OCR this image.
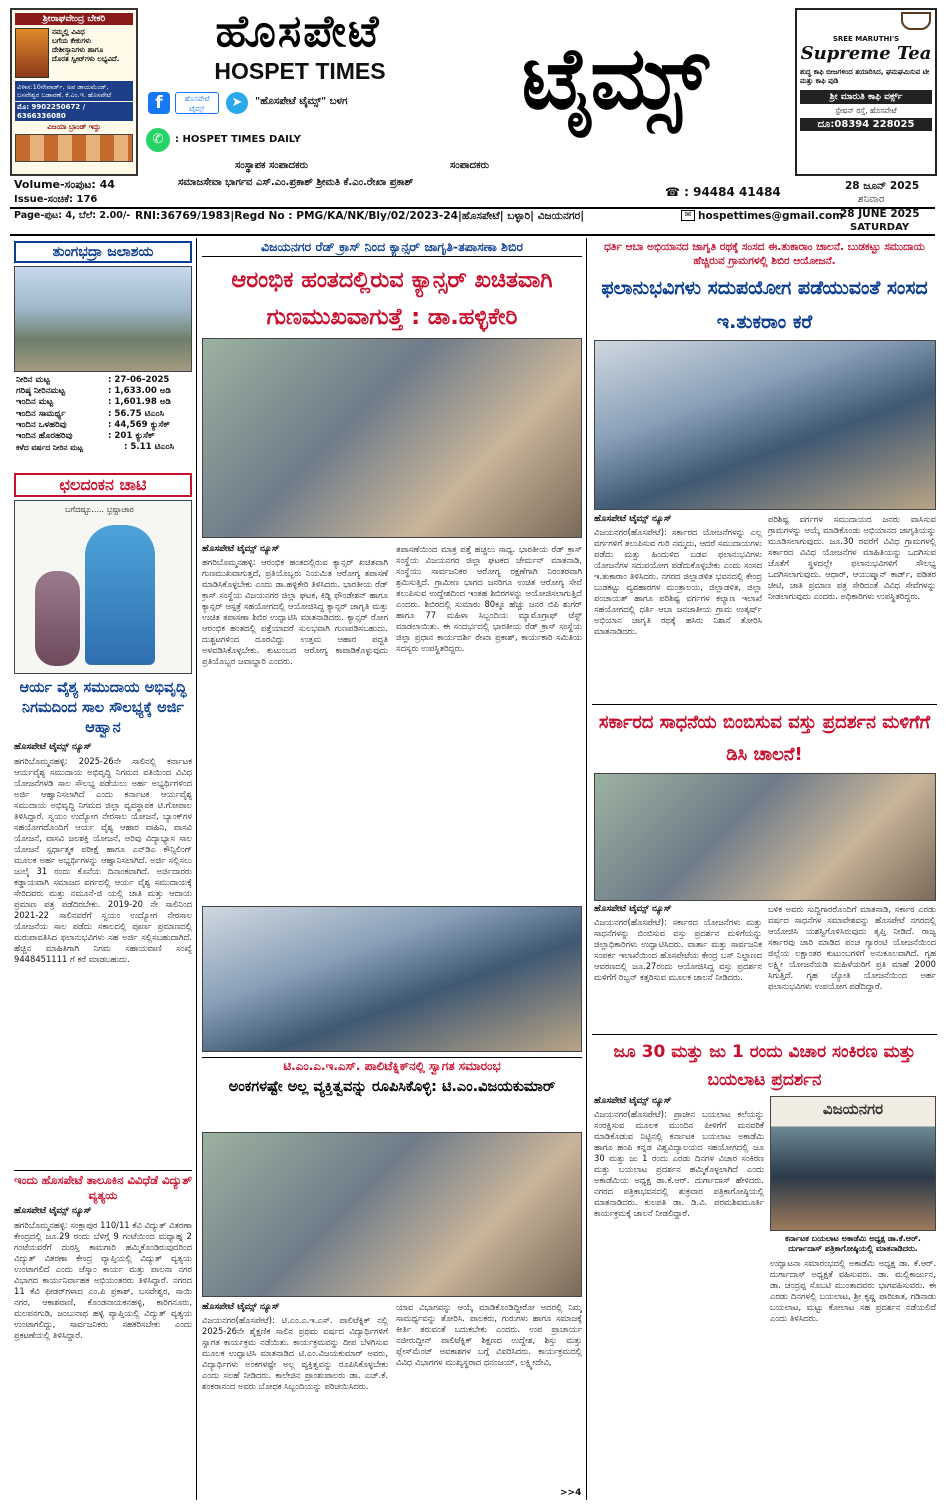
ಶ್ರೀರಾಘವೇಂದ್ರ ಬೇಕರಿ
ನಮ್ಮಲ್ಲಿ ವಿವಿಧ
ಬಗೆಯ ಕೇಕುಗಳು
ದೇಶೀಸ್ತಾನಿಗಳು ಹಾಗೂ
ದೊರತ ಸ್ವೀಟ್‌ಗಳು ಲಭ್ಯವಿದೆ.
ವಿಳಾಸ:10ನೇವಾರ್ಡ್, ಅಪ ಡಾಯಮೆಂಡ್, ಬಸವೇಶ್ವರ ಬಡಾವಣೆ, ಕೆ.ಎಂ.ಇ. ಹೊಸಪೇಟೆ
ಮೊ: 9902250672 / 6366336080
ವಿಜಯಾ ಬ್ರಾಂಡ್ ಇದ್ದು
ಹೊಸಪೇಟೆ
HOSPET TIMES	ಟೈಮ್ಸ್
f	ಹೊಸಪೇಟೆ ಟೈಮ್ಸ್	➤	"ಹೊಸಪೇಟೆ ಟೈಮ್ಸ್" ಬಳಗ
✆	: HOSPET TIMES DAILY
ಸಂಸ್ಥಾಪಕ ಸಂಪಾದಕರು	ಸಂಪಾದಕರು
ಸಮಾಜಸೇವಾ ಭಾರ್ಗವ ಎಸ್.ಎಂ.ಪ್ರಕಾಶ್ ಶ್ರೀಮತಿ ಕೆ.ಎಂ.ರೇಖಾ ಪ್ರಕಾಶ್
Volume-ಸಂಪುಟ: 44
Issue-ಸಂಚಿಕೆ: 176
Page-ಪುಟ: 4, ಬೆಲೆ: 2.00/-
☎ : 94484 41484
RNI:36769/1983|Regd No : PMG/KA/NK/Bly/02/2023-24|ಹೊಸಪೇಟೆ| ಬಳ್ಳಾರಿ| ವಿಜಯನಗರ|	✉ hospettimes@gmail.com
28 ಜೂನ್ 2025
ಶನಿವಾರ
28 JUNE 2025
SATURDAY
SREE MARUTHI'S
Supreme Tea
ಶುದ್ಧ ಕಾಫಿ ಬೀಜಗಳಿಂದ ತಯಾರಿಸಿದ, ಘಮಘಮಿಸುವ ಟೀ ಮತ್ತು ಕಾಫಿ ಪುಡಿ
ಶ್ರೀ ಮಾರುತಿ ಕಾಫಿ ವರ್ಕ್ಸ್
ಸ್ಟೇಷನ್ ರಸ್ತೆ, ಹೊಸಪೇಟೆ
ದೂ:08394 228025
ತುಂಗಭದ್ರಾ ಜಲಾಶಯ
ನೀರಿನ ಮಟ್ಟ	: 27-06-2025
ಗರಿಷ್ಠ ನೀರಿನಮಟ್ಟ	: 1,633.00 ಅಡಿ
ಇಂದಿನ ಮಟ್ಟ	: 1,601.98 ಅಡಿ
ಇಂದಿನ ಸಾಮರ್ಥ್ಯ	: 56.75 ಟಿಎಂಸಿ
ಇಂದಿನ ಒಳಹರಿವು	: 44,569 ಕ್ಯುಸೆಕ್
ಇಂದಿನ ಹೊರಹರಿವು	: 201 ಕ್ಯುಸೆಕ್
ಕಳೆದ ವರ್ಷದ ನೀರಿನ ಮಟ್ಟ	: 5.11 ಟಿಎಂಸಿ
ಛಲದಂಕನ ಚಾಟಿ
ಬಗೆದಷ್ಟೂ..... ಭ್ರಷ್ಟಾಚಾರ
ಆರ್ಯ ವೈಶ್ಯ ಸಮುದಾಯ ಅಭಿವೃದ್ಧಿ ನಿಗಮದಿಂದ ಸಾಲ ಸೌಲಭ್ಯಕ್ಕೆ ಅರ್ಜಿ ಆಹ್ವಾನ
ಹೊಸಪೇಟೆ ಟೈಮ್ಸ್ ನ್ಯೂಸ್
ಹಗರಿಬೊಮ್ಮನಹಳ್ಳಿ: 2025-26ನೇ ಸಾಲಿನಲ್ಲಿ ಕರ್ನಾಟಕ ಆರ್ಯವೈಶ್ಯ ಸಮುದಾಯ ಅಭಿವೃದ್ಧಿ ನಿಗಮದ ವತಿಯಿಂದ ವಿವಿಧ ಯೋಜನೆಗಳಡಿ ಸಾಲ ಸೌಲಭ್ಯ ಪಡೆಯಲು ಅರ್ಹ ಅಭ್ಯರ್ಥಿಗಳಿಂದ ಅರ್ಜಿ ಆಹ್ವಾನಿಸಲಾಗಿದೆ ಎಂದು ಕರ್ನಾಟಕ ಆರ್ಯವೈಶ್ಯ ಸಮುದಾಯ ಅಭಿವೃದ್ಧಿ ನಿಗಮದ ಜಿಲ್ಲಾ ವ್ಯವಸ್ಥಾಪಕ ಟಿ.ಗೋಪಾಲ ತಿಳಿಸಿದ್ದಾರೆ. ಸ್ವಯಂ ಉದ್ಯೋಗ ನೇರಸಾಲ ಯೋಜನೆ, ಬ್ಯಾಂಕ್‌ಗಳ ಸಹಯೋಗದೊಂದಿಗೆ ಆರ್ಯ ವೈಶ್ಯ ಆಹಾರ ವಾಹಿನಿ, ವಾಸವಿ ಯೋಜನೆ, ವಾಸವಿ ಜಲಶಕ್ತಿ ಯೋಜನೆ, ಅರಿವು ವಿದ್ಯಾಭ್ಯಾಸ ಸಾಲ ಯೋಜನೆ ಸ್ಪರ್ಧಾತ್ಮಕ ಪರೀಕ್ಷೆ ಹಾಗೂ ಎನ್‌ಡಿಎ ಕೌನ್ಸಿಲಿಂಗ್ ಮೂಲಕ ಅರ್ಹ ಅಭ್ಯರ್ಥಿಗಳನ್ನು ಆಹ್ವಾನಿಸಲಾಗಿದೆ. ಅರ್ಜಿ ಸಲ್ಲಿಸಲು ಜುಲೈ 31 ರಂದು ಕೊನೆಯ ದಿನಾಂಕವಾಗಿದೆ. ಅರ್ಜಿದಾರರು ಕಡ್ಡಾಯವಾಗಿ ಸಮಾಜದ ವರ್ಗದಲ್ಲಿ ಆರ್ಯ ವೈಶ್ಯ ಸಮುದಾಯಕ್ಕೆ ಸೇರಿದವರು ಮತ್ತು ನಮೂನೆ-ಜಿ ಯಲ್ಲಿ ಜಾತಿ ಮತ್ತು ಆದಾಯ ಪ್ರಮಾಣ ಪತ್ರ ಪಡೆದಿರಬೇಕು. 2019-20 ನೇ ಸಾಲಿನಿಂದ 2021-22 ಸಾಲಿನವರೆಗೆ ಸ್ವಯಂ ಉದ್ಯೋಗ ನೇರಸಾಲ ಯೋಜನೆಯ ಸಾಲ ಪಡೆದು ಸಕಾಲದಲ್ಲಿ ಪೂರ್ಣ ಪ್ರಮಾಣದಲ್ಲಿ ಮರುಪಾವತಿಸಿದ ಫಲಾನುಭವಿಗಳು ಸಹ ಅರ್ಜಿ ಸಲ್ಲಿಸಬಹುದಾಗಿದೆ. ಹೆಚ್ಚಿನ ಮಾಹಿತಿಗಾಗಿ ನಿಗಮ ಸಹಾಯವಾಣಿ ಸಂಖ್ಯೆ 9448451111 ಗೆ ಕರೆ ಮಾಡಬಹುದು.
ಇಂದು ಹೊಸಪೇಟೆ ತಾಲೂಕಿನ ವಿವಿಧೆಡೆ ವಿದ್ಯುತ್ ವ್ಯತ್ಯಯ
ಹೊಸಪೇಟೆ ಟೈಮ್ಸ್ ನ್ಯೂಸ್
ಹಗರಿಬೊಮ್ಮನಹಳ್ಳಿ: ಸಂಕ್ಲಾಪುರ 110/11 ಕೆವಿ ವಿದ್ಯುತ್ ವಿತರಣಾ ಕೇಂದ್ರದಲ್ಲಿ ಜೂ.29 ರಂದು ಬೆಳಿಗ್ಗೆ 9 ಗಂಟೆಯಿಂದ ಮಧ್ಯಾಹ್ನ 2 ಗಂಟೆಯವರೆಗೆ ದುರಸ್ತಿ ಕಾಮಗಾರಿ ಹಮ್ಮಿಕೊಂಡಿರುವುದರಿಂದ ವಿದ್ಯುತ್ ವಿತರಣಾ ಕೇಂದ್ರ ವ್ಯಾಪ್ತಿಯಲ್ಲಿ ವಿದ್ಯುತ್ ವ್ಯತ್ಯಯ ಉಂಟಾಗಲಿದೆ ಎಂದು ಜೆಸ್ಕಾಂ ಕಾರ್ಯ ಮತ್ತು ಪಾಲನಾ ನಗರ ವಿಭಾಗದ ಕಾರ್ಯನಿರ್ವಾಹಕ ಅಭಿಯಂತರರು ತಿಳಿಸಿದ್ದಾರೆ. ನಗರದ 11 ಕೆವಿ ಫೀಡರ್‌ಗಳಾದ ಎಂ.ಪಿ ಪ್ರಕಾಶ್, ಬಸವೇಶ್ವರ, ಸಾಯಿ ನಗರ, ಆಕಾಶವಾಣಿ, ಕೊಂಡನಾಯಕನಹಳ್ಳಿ, ಕಾರಿಗನೂರು, ಮಲಪನಗುಡಿ, ಜಂಬುನಾಥ ಹಳ್ಳಿ ವ್ಯಾಪ್ತಿಯಲ್ಲಿ ವಿದ್ಯುತ್ ವ್ಯತ್ಯಯ ಉಂಟಾಗಲಿದ್ದು, ಸಾರ್ವಜನಿಕರು ಸಹಕರಿಸಬೇಕು ಎಂದು ಪ್ರಕಟಣೆಯಲ್ಲಿ ತಿಳಿಸಿದ್ದಾರೆ.
ವಿಜಯನಗರ ರೆಡ್ ಕ್ರಾಸ್ ನಿಂದ ಕ್ಯಾನ್ಸರ್ ಜಾಗೃತಿ-ತಪಾಸಣಾ ಶಿಬಿರ
ಆರಂಭಿಕ ಹಂತದಲ್ಲಿರುವ ಕ್ಯಾನ್ಸರ್ ಖಚಿತವಾಗಿ ಗುಣಮುಖವಾಗುತ್ತೆ : ಡಾ.ಹಳ್ಳಿಕೇರಿ
ಹೊಸಪೇಟೆ ಟೈಮ್ಸ್ ನ್ಯೂಸ್
ಹಗರಿಬೊಮ್ಮನಹಳ್ಳಿ: ಆರಂಭಿಕ ಹಂತದಲ್ಲಿರುವ ಕ್ಯಾನ್ಸರ್ ಖಚಿತವಾಗಿ ಗುಣಮುಖವಾಗುತ್ತದೆ, ಪ್ರತಿಯೊಬ್ಬರು ನಿಯಮಿತ ಆರೋಗ್ಯ ತಪಾಸಣೆ ಮಾಡಿಸಿಕೊಳ್ಳಬೇಕು ಎಂದು ಡಾ.ಹಳ್ಳಿಕೇರಿ ತಿಳಿಸಿದರು. ಭಾರತೀಯ ರೆಡ್ ಕ್ರಾಸ್ ಸಂಸ್ಥೆಯ ವಿಜಯನಗರ ಜಿಲ್ಲಾ ಘಟಕ, ಕಿಡ್ನಿ ಫೌಂಡೇಶನ್ ಹಾಗೂ ಕ್ಯಾನ್ಸರ್ ಆಸ್ಪತ್ರೆ ಸಹಯೋಗದಲ್ಲಿ ಆಯೋಜಿಸಿದ್ದ ಕ್ಯಾನ್ಸರ್ ಜಾಗೃತಿ ಮತ್ತು ಉಚಿತ ತಪಾಸಣಾ ಶಿಬಿರ ಉದ್ಘಾಟಿಸಿ ಮಾತನಾಡಿದರು. ಕ್ಯಾನ್ಸರ್ ರೋಗ ಆರಂಭಿಕ ಹಂತದಲ್ಲಿ ಪತ್ತೆಯಾದರೆ ಸುಲಭವಾಗಿ ಗುಣಪಡಿಸಬಹುದು. ದುಶ್ಚಟಗಳಿಂದ ದೂರವಿದ್ದು ಉತ್ತಮ ಆಹಾರ ಪದ್ಧತಿ ಅಳವಡಿಸಿಕೊಳ್ಳಬೇಕು. ಕುಟುಂಬದ ಆರೋಗ್ಯ ಕಾಪಾಡಿಕೊಳ್ಳುವುದು ಪ್ರತಿಯೊಬ್ಬರ ಜವಾಬ್ದಾರಿ ಎಂದರು.
ತಪಾಸಣೆಯಿಂದ ಮಾತ್ರ ಪತ್ತೆ ಹಚ್ಚಲು ಸಾಧ್ಯ. ಭಾರತೀಯ ರೆಡ್ ಕ್ರಾಸ್ ಸಂಸ್ಥೆಯ ವಿಜಯನಗರ ಜಿಲ್ಲಾ ಘಟಕದ ಚೇರ್ಮನ್ ಮಾತನಾಡಿ, ಸಂಸ್ಥೆಯು ಸಾರ್ವಜನಿಕರ ಆರೋಗ್ಯ ರಕ್ಷಣೆಗಾಗಿ ನಿರಂತರವಾಗಿ ಶ್ರಮಿಸುತ್ತಿದೆ. ಗ್ರಾಮೀಣ ಭಾಗದ ಜನರಿಗೂ ಉಚಿತ ಆರೋಗ್ಯ ಸೇವೆ ತಲುಪಿಸುವ ಉದ್ದೇಶದಿಂದ ಇಂತಹ ಶಿಬಿರಗಳನ್ನು ಆಯೋಜಿಸಲಾಗುತ್ತಿದೆ ಎಂದರು. ಶಿಬಿರದಲ್ಲಿ ಸುಮಾರು 80ಕ್ಕೂ ಹೆಚ್ಚು ಜನರ ಬಿಪಿ ಶುಗರ್ ಹಾಗೂ 77 ಮಹಿಳಾ ಸಿಬ್ಬಂದಿಯ ಮ್ಯಾಮೊಗ್ರಾಫ್ ಟೆಸ್ಟ್ ಮಾಡಲಾಯಿತು. ಈ ಸಂದರ್ಭದಲ್ಲಿ ಭಾರತೀಯ ರೆಡ್ ಕ್ರಾಸ್ ಸಂಸ್ಥೆಯ ಜಿಲ್ಲಾ ಪ್ರಧಾನ ಕಾರ್ಯದರ್ಶಿ ರೇಖಾ ಪ್ರಕಾಶ್, ಕಾರ್ಯಕಾರಿ ಸಮಿತಿಯ ಸದಸ್ಯರು ಉಪಸ್ಥಿತರಿದ್ದರು.
ಟಿ.ಎಂ.ಎ.ಇ.ಎಸ್. ಪಾಲಿಟೆಕ್ನಿಕ್‌ನಲ್ಲಿ ಸ್ವಾಗತ ಸಮಾರಂಭ
ಅಂಕಗಳಷ್ಟೇ ಅಲ್ಲ ವ್ಯಕ್ತಿತ್ವವನ್ನು ರೂಪಿಸಿಕೊಳ್ಳಿ: ಟಿ.ಎಂ.ವಿಜಯಕುಮಾರ್
ಹೊಸಪೇಟೆ ಟೈಮ್ಸ್ ನ್ಯೂಸ್
ವಿಜಯನಗರ(ಹೊಸಪೇಟೆ): ಟಿ.ಎಂ.ಎ.ಇ.ಎಸ್. ಪಾಲಿಟೆಕ್ನಿಕ್ ನಲ್ಲಿ 2025-26ನೇ ಶೈಕ್ಷಣಿಕ ಸಾಲಿನ ಪ್ರಥಮ ವರ್ಷದ ವಿದ್ಯಾರ್ಥಿಗಳಿಗೆ ಸ್ವಾಗತ ಕಾರ್ಯಕ್ರಮ ನಡೆಯಿತು. ಕಾರ್ಯಕ್ರಮವನ್ನು ದೀಪ ಬೆಳಗಿಸುವ ಮೂಲಕ ಉದ್ಘಾಟಿಸಿ ಮಾತನಾಡಿದ ಟಿ.ಎಂ.ವಿಜಯಕುಮಾರ್ ಅವರು, ವಿದ್ಯಾರ್ಥಿಗಳು ಅಂಕಗಳಷ್ಟೇ ಅಲ್ಲ ವ್ಯಕ್ತಿತ್ವವನ್ನು ರೂಪಿಸಿಕೊಳ್ಳಬೇಕು ಎಂದು ಸಲಹೆ ನೀಡಿದರು. ಕಾಲೇಜಿನ ಪ್ರಾಂಶುಪಾಲರು ಡಾ. ಎಚ್.ಕೆ. ಶಂಕರಾನಂದ ಅವರು ಬೋಧಕ ಸಿಬ್ಬಂದಿಯನ್ನು ಪರಿಚಯಿಸಿದರು.
ಯಾವ ವಿಭಾಗವನ್ನು ಆಯ್ಕೆ ಮಾಡಿಕೊಂಡಿದ್ದೀರೋ ಅದರಲ್ಲಿ ನಿಮ್ಮ ಸಾಮರ್ಥ್ಯವನ್ನು ತೋರಿಸಿ. ಪಾಲಕರು, ಗುರುಗಳು ಹಾಗೂ ಸಮಾಜಕ್ಕೆ ಕೀರ್ತಿ ತರುವಂತೆ ಬದುಕಬೇಕು ಎಂದರು. ಉಪ ಪ್ರಾಚಾರ್ಯ ನಜೀರುದ್ದೀನ್ ಪಾಲಿಟೆಕ್ನಿಕ್ ಶಿಕ್ಷಣದ ಉದ್ದೇಶ, ಶಿಸ್ತು ಮತ್ತು ಪ್ಲೇಸ್‌ಮೆಂಟ್ ಅವಕಾಶಗಳ ಬಗ್ಗೆ ವಿವರಿಸಿದರು. ಕಾರ್ಯಕ್ರಮದಲ್ಲಿ ವಿವಿಧ ವಿಭಾಗಗಳ ಮುಖ್ಯಸ್ಥರಾದ ಧನಂಜಯ್, ಲಕ್ಷ್ಮೀದೇವಿ,
>>4
ಧರ್ತಿ ಆಬಾ ಅಭಿಯಾನದ ಜಾಗೃತಿ ರಥಕ್ಕೆ ಸಂಸದ ಈ.ತುಕಾರಾಂ ಚಾಲನೆ. ಬುಡಕಟ್ಟು ಸಮುದಾಯ ಹೆಚ್ಚಿರುವ ಗ್ರಾಮಗಳಲ್ಲಿ ಶಿಬಿರ ಆಯೋಜನೆ.
ಫಲಾನುಭವಿಗಳು ಸದುಪಯೋಗ ಪಡೆಯುವಂತೆ ಸಂಸದ ಇ.ತುಕರಾಂ ಕರೆ
ಹೊಸಪೇಟೆ ಟೈಮ್ಸ್ ನ್ಯೂಸ್
ವಿಜಯನಗರ(ಹೊಸಪೇಟೆ): ಸರ್ಕಾರದ ಯೋಜನೆಗಳನ್ನು ಎಲ್ಲ ವರ್ಗಗಳಿಗೆ ತಲುಪಿಸುವ ಗುರಿ ನಮ್ಮದು, ಆದರೆ ಸಮುದಾಯಗಳು ಪಡೆದು ಮತ್ತು ಹಿಂದುಳಿದ ಬಡವ ಫಲಾನುಭವಿಗಳು ಯೋಜನೆಗಳ ಸದುಪಯೋಗ ಪಡೆದುಕೊಳ್ಳಬೇಕು ಎಂದು ಸಂಸದ ಇ.ತುಕಾರಾಂ ತಿಳಿಸಿದರು. ನಗರದ ಜಿಲ್ಲಾಡಳಿತ ಭವನದಲ್ಲಿ ಕೇಂದ್ರ ಬುಡಕಟ್ಟು ವ್ಯವಹಾರಗಳ ಮಂತ್ರಾಲಯ, ಜಿಲ್ಲಾಡಳಿತ, ಜಿಲ್ಲಾ ಪಂಚಾಯತ್ ಹಾಗೂ ಪರಿಶಿಷ್ಟ ವರ್ಗಗಳ ಕಲ್ಯಾಣ ಇಲಾಖೆ ಸಹಯೋಗದಲ್ಲಿ ಧರ್ತಿ ಆಬಾ ಜನಜಾತೀಯ ಗ್ರಾಮ ಉತ್ಕರ್ಷ್ ಅಭಿಯಾನ ಜಾಗೃತಿ ರಥಕ್ಕೆ ಹಸಿರು ನಿಶಾನೆ ತೋರಿಸಿ ಮಾತನಾಡಿದರು.
ಪರಿಶಿಷ್ಟ ವರ್ಗಗಳ ಸಮುದಾಯದ ಜನರು ವಾಸಿಸುವ ಗ್ರಾಮಗಳನ್ನು ಆಯ್ಕೆ ಮಾಡಿಕೊಂಡು ಅಭಿಯಾನದ ಜಾಗೃತಿಯನ್ನು ಮೂಡಿಸಲಾಗುವುದು. ಜೂ.30 ರವರೆಗೆ ವಿವಿಧ ಗ್ರಾಮಗಳಲ್ಲಿ ಸರ್ಕಾರದ ವಿವಿಧ ಯೋಜನೆಗಳ ಮಾಹಿತಿಯನ್ನು ಒದಗಿಸುವ ಜೊತೆಗೆ ಸ್ಥಳದಲ್ಲೇ ಫಲಾನುಭವಿಗಳಿಗೆ ಸೌಲಭ್ಯ ಒದಗಿಸಲಾಗುವುದು. ಆಧಾರ್, ಆಯುಷ್ಮಾನ್ ಕಾರ್ಡ್, ಪಡಿತರ ಚೀಟಿ, ಜಾತಿ ಪ್ರಮಾಣ ಪತ್ರ ಸೇರಿದಂತೆ ವಿವಿಧ ಸೇವೆಗಳನ್ನು ನೀಡಲಾಗುವುದು ಎಂದರು. ಅಧಿಕಾರಿಗಳು ಉಪಸ್ಥಿತರಿದ್ದರು.
ಸರ್ಕಾರದ ಸಾಧನೆಯ ಬಿಂಬಿಸುವ ವಸ್ತು ಪ್ರದರ್ಶನ ಮಳಿಗೆಗೆ ಡಿಸಿ ಚಾಲನೆ!
ಹೊಸಪೇಟೆ ಟೈಮ್ಸ್ ನ್ಯೂಸ್
ವಿಜಯನಗರ(ಹೊಸಪೇಟೆ): ಸರ್ಕಾರದ ಯೋಜನೆಗಳು ಮತ್ತು ಸಾಧನೆಗಳನ್ನು ಬಿಂಬಿಸುವ ವಸ್ತು ಪ್ರದರ್ಶನ ಮಳಿಗೆಯನ್ನು ಜಿಲ್ಲಾಧಿಕಾರಿಗಳು ಉದ್ಘಾಟಿಸಿದರು. ವಾರ್ತಾ ಮತ್ತು ಸಾರ್ವಜನಿಕ ಸಂಪರ್ಕ ಇಲಾಖೆಯಿಂದ ಹೊಸಪೇಟೆಯ ಕೇಂದ್ರ ಬಸ್ ನಿಲ್ದಾಣದ ಆವರಣದಲ್ಲಿ ಜೂ.27ರಂದು ಆಯೋಜಿಸಿದ್ದ ವಸ್ತು ಪ್ರದರ್ಶನ ಮಳಿಗೆಗೆ ರಿಬ್ಬನ್ ಕತ್ತರಿಸುವ ಮೂಲಕ ಚಾಲನೆ ನೀಡಿದರು.
ಬಳಿಕ ಅವರು ಸುದ್ದಿಗಾರರೊಂದಿಗೆ ಮಾತನಾಡಿ, ಸರ್ಕಾರ ಎರಡು ವರ್ಷದ ಸಾಧನೆಗಳ ಸಮಾವೇಶವನ್ನು ಹೊಸಪೇಟೆ ನಗರದಲ್ಲಿ ಆಯೋಜಿಸಿ ಯಶಸ್ವಿಗೊಳಿಸಿರುವುದು ತೃಪ್ತಿ ನೀಡಿದೆ. ರಾಜ್ಯ ಸರ್ಕಾರವು ಜಾರಿ ಮಾಡಿದ ಪಂಚ ಗ್ಯಾರಂಟಿ ಯೋಜನೆಯಿಂದ ಜಿಲ್ಲೆಯ ಲಕ್ಷಾಂತರ ಕುಟುಂಬಗಳಿಗೆ ಅನುಕೂಲವಾಗಿದೆ. ಗೃಹ ಲಕ್ಷ್ಮೀ ಯೋಜನೆಯಡಿ ಮಹಿಳೆಯರಿಗೆ ಪ್ರತಿ ಮಾಹೆ 2000 ಸಿಗುತ್ತಿದೆ. ಗೃಹ ಜ್ಯೋತಿ ಯೋಜನೆಯಿಂದ ಅರ್ಹ ಫಲಾನುಭವಿಗಳು ಉಪಯೋಗ ಪಡೆದಿದ್ದಾರೆ.
ಜೂ 30 ಮತ್ತು ಜು 1 ರಂದು ವಿಚಾರ ಸಂಕಿರಣ ಮತ್ತು ಬಯಲಾಟ ಪ್ರದರ್ಶನ
ಹೊಸಪೇಟೆ ಟೈಮ್ಸ್ ನ್ಯೂಸ್
ವಿಜಯನಗರ(ಹೊಸಪೇಟೆ): ಪ್ರಾಚೀನ ಬಯಲಾಟ ಕಲೆಯನ್ನು ಸಂರಕ್ಷಿಸುವ ಮೂಲಕ ಮುಂದಿನ ಪೀಳಿಗೆಗೆ ಮನವರಿಕೆ ಮಾಡಿಕೊಡುವ ನಿಟ್ಟಿನಲ್ಲಿ ಕರ್ನಾಟಕ ಬಯಲಾಟ ಅಕಾಡೆಮಿ ಹಾಗೂ ಹಂಪಿ ಕನ್ನಡ ವಿಶ್ವವಿದ್ಯಾಲಯದ ಸಹಯೋಗದಲ್ಲಿ ಜೂ 30 ಮತ್ತು ಜು 1 ರಂದು ಎರಡು ದಿನಗಳ ವಿಚಾರ ಸಂಕಿರಣ ಮತ್ತು ಬಯಲಾಟ ಪ್ರದರ್ಶನ ಹಮ್ಮಿಕೊಳ್ಳಲಾಗಿದೆ ಎಂದು ಅಕಾಡೆಮಿಯ ಅಧ್ಯಕ್ಷ ಡಾ.ಕೆ.ಆರ್. ದುರ್ಗಾದಾಸ್ ಹೇಳಿದರು. ನಗರದ ಪತ್ರಿಕಾಭವನದಲ್ಲಿ ಶುಕ್ರವಾರ ಪತ್ರಿಕಾಗೋಷ್ಠಿಯಲ್ಲಿ ಮಾತನಾಡಿದರು. ಕುಲಪತಿ ಡಾ. ಡಿ.ವಿ. ಪರಮಶಿವಮೂರ್ತಿ ಕಾರ್ಯಕ್ರಮಕ್ಕೆ ಚಾಲನೆ ನೀಡಲಿದ್ದಾರೆ.
ವಿಜಯನಗರ
ಕರ್ನಾಟಕ ಬಯಲಾಟ ಅಕಾಡೆಮಿ ಅಧ್ಯಕ್ಷ ಡಾ.ಕೆ.ಆರ್. ದುರ್ಗಾದಾಸ್ ಪತ್ರಿಕಾಗೋಷ್ಠಿಯಲ್ಲಿ ಮಾತನಾಡಿದರು.
ಉದ್ಘಾಟನಾ ಸಮಾರಂಭದಲ್ಲಿ ಅಕಾಡೆಮಿ ಅಧ್ಯಕ್ಷ ಡಾ. ಕೆ.ಆರ್. ದುರ್ಗಾದಾಸ್ ಅಧ್ಯಕ್ಷತೆ ವಹಿಸುವರು. ಡಾ. ಮಲ್ಲಿಕಾರ್ಜುನ, ಡಾ. ಚಂದ್ರಪ್ಪ ಸೊಬಟಿ ಮುಂತಾದವರು ಭಾಗವಹಿಸುವರು. ಈ ಎರಡು ದಿನಗಳಲ್ಲಿ ಬಯಲಾಟ, ಶ್ರೀ ಕೃಷ್ಣ ಪಾರಿಜಾತ, ಗಡಿನಾಡು ಬಯಲಾಟ, ಮಟ್ಟು ಕೋಲಾಟ ಸಹ ಪ್ರದರ್ಶನ ನಡೆಯಲಿದೆ ಎಂದು ತಿಳಿಸಿದರು.
